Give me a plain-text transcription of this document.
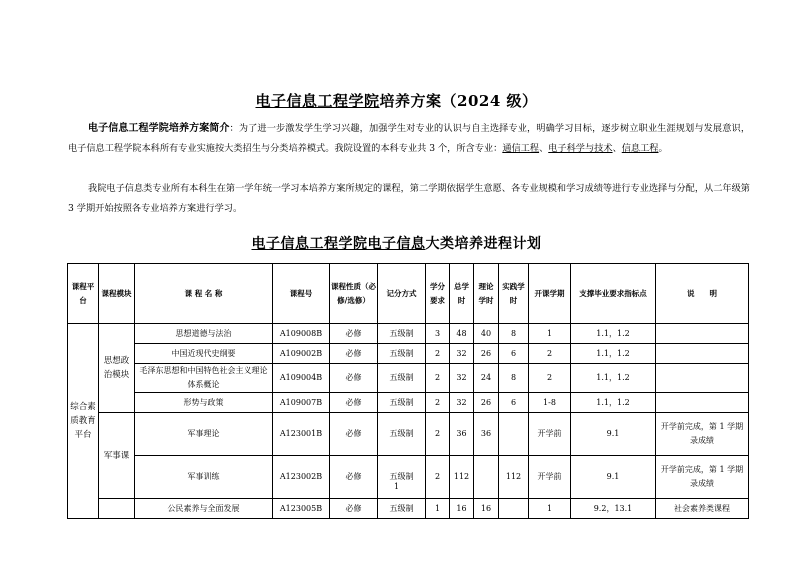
电子信息工程学院培养方案（2024 级）
电子信息工程学院培养方案简介：为了进一步激发学生学习兴趣，加强学生对专业的认识与自主选择专业，明确学习目标，逐步树立职业生涯规划与发展意识，电子信息工程学院本科所有专业实施按大类招生与分类培养模式。我院设置的本科专业共 3 个，所含专业：通信工程、电子科学与技术、信息工程。
我院电子信息类专业所有本科生在第一学年统一学习本培养方案所规定的课程，第二学期依据学生意愿、各专业规模和学习成绩等进行专业选择与分配，从二年级第 3 学期开始按照各专业培养方案进行学习。
电子信息工程学院电子信息大类培养进程计划
课程平台	课程模块	课 程 名 称	课程号	课程性质（必修/选修）	记分方式	学分要求	总学时	理论学时	实践学时	开课学期	支撑毕业要求指标点	说　　明
综合素质教育平台	思想政治模块	思想道德与法治	A109008B	必修	五级制	3	48	40	8	1	1.1，1.2	
		中国近现代史纲要	A109002B	必修	五级制	2	32	26	6	2	1.1，1.2	
		毛泽东思想和中国特色社会主义理论体系概论	A109004B	必修	五级制	2	32	24	8	2	1.1，1.2	
		形势与政策	A109007B	必修	五级制	2	32	26	6	1-8	1.1，1.2	
	军事课	军事理论	A123001B	必修	五级制	2	36	36		开学前	9.1	开学前完成，第 1 学期录成绩
		军事训练	A123002B	必修	五级制	2	112		112	开学前	9.1	开学前完成，第 1 学期录成绩
		公民素养与全面发展	A123005B	必修	五级制	1	16	16		1	9.2，13.1	社会素养类课程
1
